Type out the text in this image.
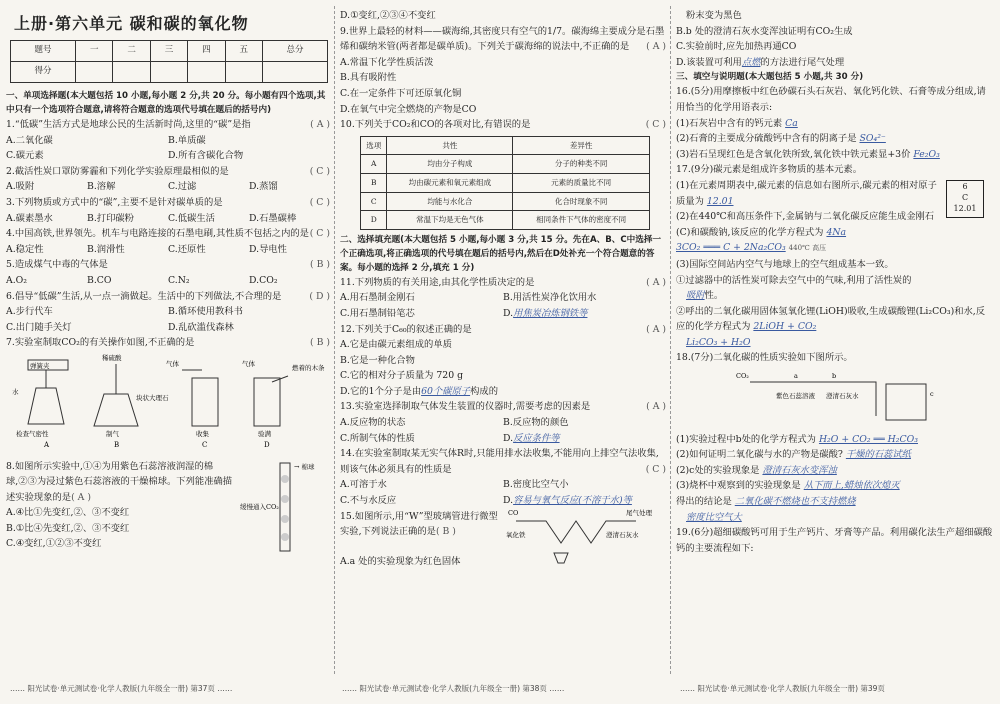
上册·第六单元 碳和碳的氧化物
题号	一	二	三	四	五	总分
得分						
一、单项选择题(本大题包括 10 小题,每小题 2 分,共 20 分。每小题有四个选项,其中只有一个选项符合题意,请将符合题意的选项代号填在题后的括号内)
1.“低碳”生活方式是地球公民的生活新时尚,这里的“碳”是指	( A )
A.二氧化碳	B.单质碳
C.碳元素	D.所有含碳化合物
2.截活性炭口罩防雾霾和下列化学实验原理最相似的是	( C )
A.吸附	B.溶解	C.过滤	D.蒸馏
3.下列物质或方式中的“碳”,主要不是针对碳单质的是	( C )
A.碳素墨水	B.打印碳粉	C.低碳生活	D.石墨碳棒
4.中国高铁,世界领先。机车与电路连接的石墨电刷,其性质不包括之内的是 ( C )
A.稳定性	B.润滑性	C.还原性	D.导电性
5.造成煤气中毒的气体是	( B )
A.O₂	B.CO	C.N₂	D.CO₂
6.倡导“低碳”生活,从一点一滴做起。生活中的下列做法,不合理的是	( D )
A.步行代车	B.循环使用教科书
C.出门随手关灯	D.乱砍滥伐森林
7.实验室制取CO₂的有关操作如图,不正确的是	( B )
弹簧夹
水
检查气密性
A
稀硫酸
块状大理石
制气
B
气体
收集
C
气体	燃着的木条
验满
D
8.如图所示实验中,①④为用紫色石蕊溶液润湿的棉球,②③为浸过紫色石蕊溶液的干燥棉球。下列能准确描述实验现象的是( A )
A.④比①先变红,②、③不变红
B.①比④先变红,②、③不变红
C.④变红,①②③不变红
→ 棉球
缓慢通入CO₂
D.①变红,②③④不变红
9.世界上最轻的材料——碳海绵,其密度只有空气的1/7。碳海绵主要成分是石墨烯和碳纳米管(两者都是碳单质)。下列关于碳海绵的说法中,不正确的是 ( A )
A.常温下化学性质活泼
B.具有吸附性
C.在一定条件下可还原氧化铜
D.在氧气中完全燃烧的产物是CO
10.下列关于CO₂和CO的各项对比,有错误的是	( C )
选项	共性	差异性
A	均由分子构成	分子的种类不同
B	均由碳元素和氧元素组成	元素的质量比不同
C	均能与水化合	化合时现象不同
D	常温下均是无色气体	相同条件下气体的密度不同
二、选择填充题(本大题包括 5 小题,每小题 3 分,共 15 分。先在A、B、C中选择一个正确选项,将正确选项的代号填在题后的括号内,然后在D处补充一个符合题意的答案。每小题的选择 2 分,填充 1 分)
11.下列物质的有关用途,由其化学性质决定的是	( A )
A.用石墨制金刚石	B.用活性炭净化饮用水
C.用石墨制铅笔芯	D.用焦炭冶炼钢铁等
12.下列关于C₆₀的叙述正确的是	( A )
A.它是由碳元素组成的单质
B.它是一种化合物
C.它的相对分子质量为 720 g
D.它的1个分子是由60个碳原子构成的
13.实验室选择制取气体发生装置的仪器时,需要考虑的因素是	( A )
A.反应物的状态	B.反应物的颜色
C.所制气体的性质	D.反应条件等
14.在实验室制取某无实气体R时,只能用排水法收集,不能用向上排空气法收集,则该气体必须具有的性质是	( C )
A.可溶于水	B.密度比空气小
C.不与水反应	D.容易与氧气反应(不溶于水)等
15.如图所示,用“W”型玻璃管进行微型实验,下列说法正确的是( B )
CO
氧化铁	澄清石灰水
尾气处理
A.a 处的实验现象为红色固体
粉末变为黑色
B.b 处的澄清石灰水变浑浊证明有CO₂生成
C.实验前时,应先加热再通CO
D.该装置可利用点燃的方法进行尾气处理
三、填空与说明题(本大题包括 5 小题,共 30 分)
16.(5分)用摩擦板中红色砂碳石头石灰岩、氧化钙化铁、石膏等成分组成,请用恰当的化学用语表示:
(1)石灰岩中含有的钙元素 Ca
(2)石膏的主要成分硫酸钙中含有的阴离子是 SO₄²⁻
(3)岩石呈现红色是含氧化铁所致,氧化铁中铁元素显+3价 Fe₂O₃
17.(9分)碳元素是组成许多物质的基本元素。
(1)在元素周期表中,碳元素的信息如右图所示,碳元素的相对原子质量为 12.01
6
C
12.01
(2)在440℃和高压条件下,金属钠与二氧化碳反应能生成金刚石(C)和碳酸钠,该反应的化学方程式为 4Na
3CO₂ ═══ C + 2Na₂CO₃ 440℃ 高压
(3)国际空间站内空气与地球上的空气组成基本一致。
①过滤器中的活性炭可除去空气中的气味,利用了活性炭的
吸附性。
②呼出的二氧化碳用固体氢氧化锂(LiOH)吸收,生成碳酸锂(Li₂CO₃)和水,反应的化学方程式为 2LiOH + CO₂
Li₂CO₃ + H₂O
18.(7分)二氧化碳的性质实验如下图所示。
CO₂	a	b
紫色石蕊溶液 澄清石灰水	c
(1)实验过程中b处的化学方程式为 H₂O + CO₂ ══ H₂CO₃
(2)如何证明二氧化碳与水的产物是碳酸? 干燥的石蕊试纸
(2)c处的实验现象是 澄清石灰水变浑浊
(3)烧杯中观察到的实验现象是 从下而上,蜡烛依次熄灭
得出的结论是 二氧化碳不燃烧也不支持燃烧
密度比空气大
19.(6分)超细碳酸钙可用于生产钙片、牙膏等产品。利用碳化法生产超细碳酸钙的主要流程如下:
…… 阳光试卷·单元测试卷·化学人教版(九年级全一册) 第37页 ……	…… 阳光试卷·单元测试卷·化学人教版(九年级全一册) 第38页 ……	…… 阳光试卷·单元测试卷·化学人教版(九年级全一册) 第39页
